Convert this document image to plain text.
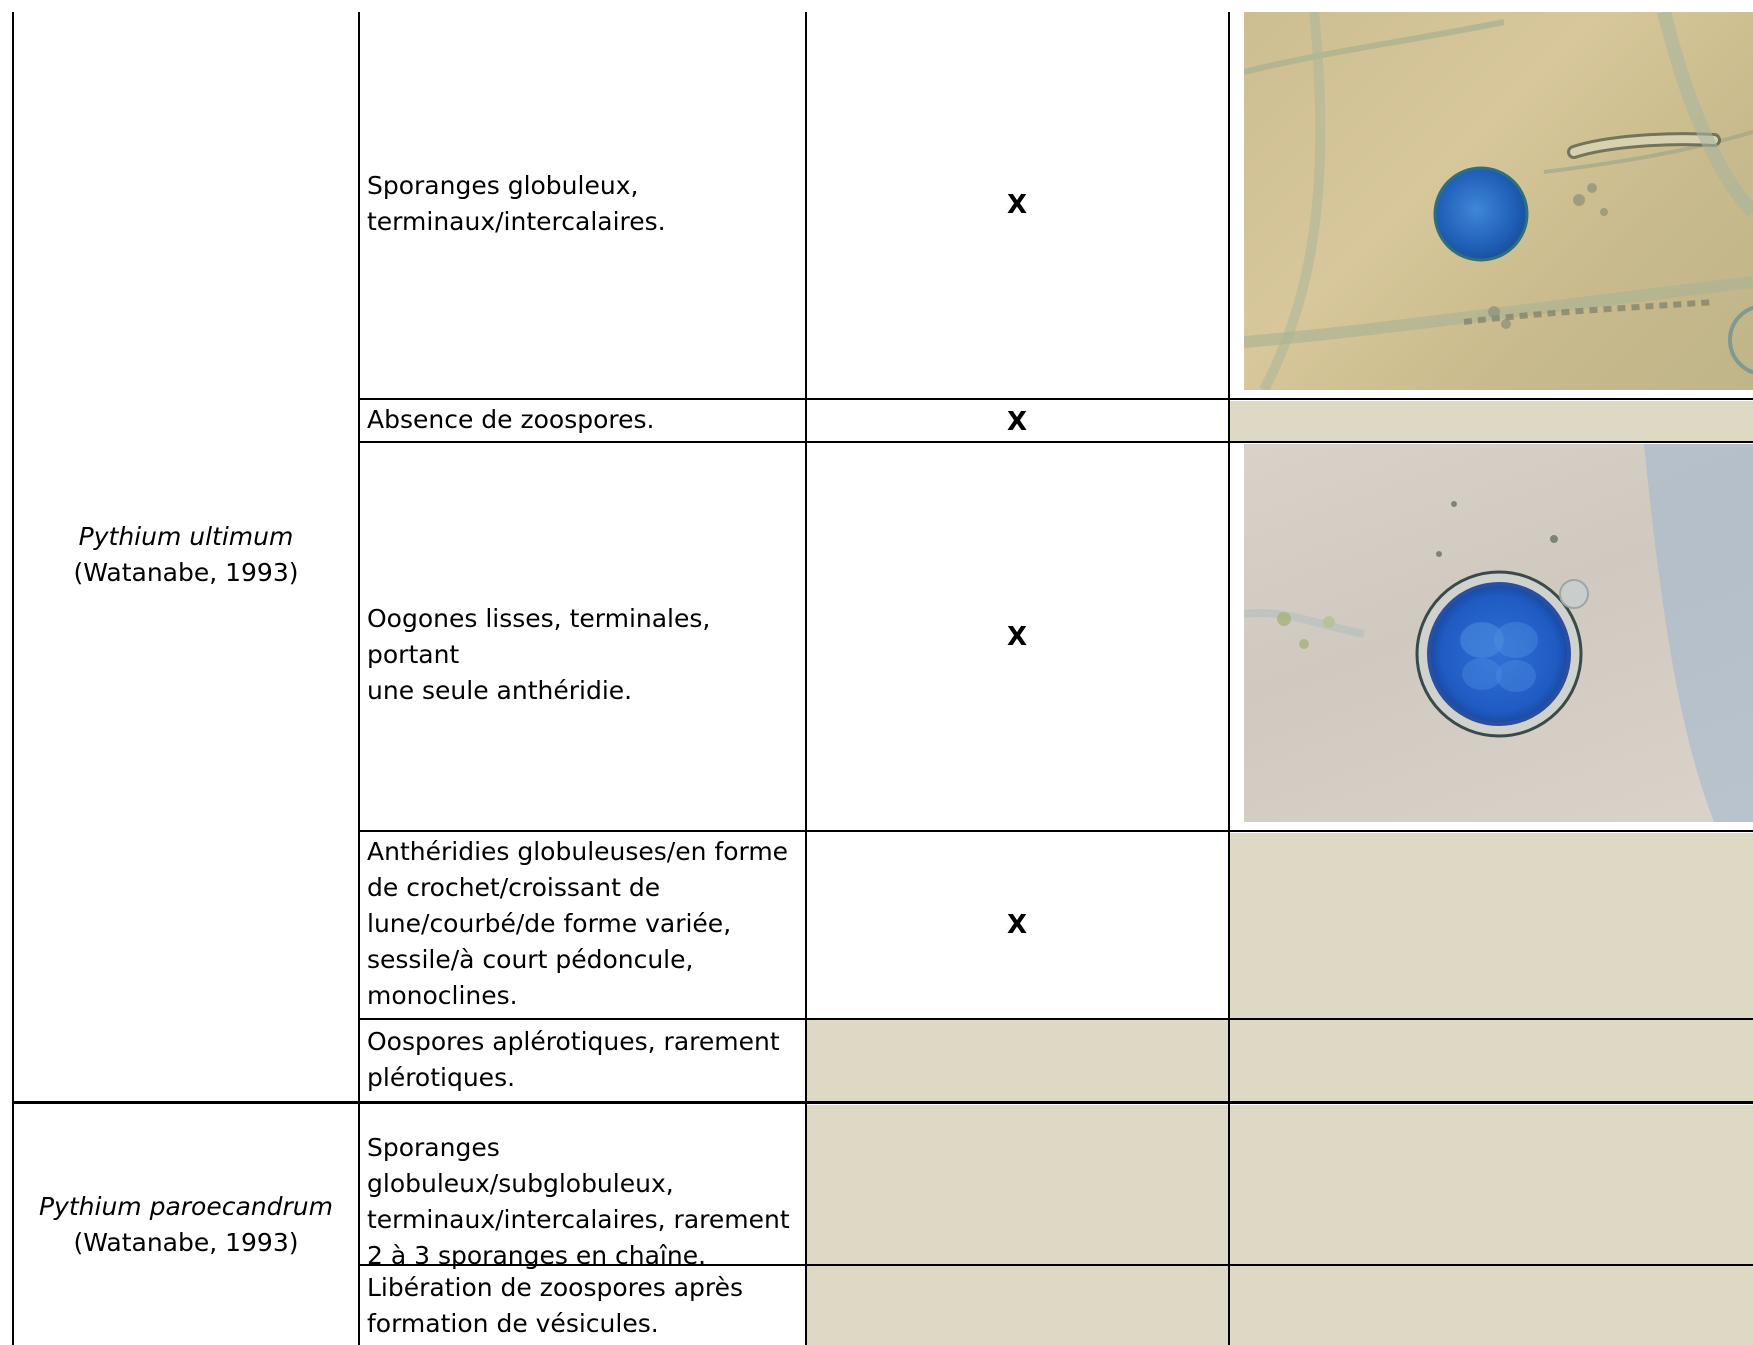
Pythium ultimum
(Watanabe, 1993)
Pythium paroecandrum
(Watanabe, 1993)
Sporanges globuleux,
terminaux/intercalaires.
Absence de zoospores.
Oogones lisses, terminales, portant
une seule anthéridie.
Anthéridies globuleuses/en forme
de crochet/croissant de
lune/courbé/de forme variée,
sessile/à court pédoncule,
monoclines.
Oospores aplérotiques, rarement
plérotiques.
Sporanges globuleux/subglobuleux,
terminaux/intercalaires, rarement
2 à 3 sporanges en chaîne.
Libération de zoospores après
formation de vésicules.
X
X
X
X
